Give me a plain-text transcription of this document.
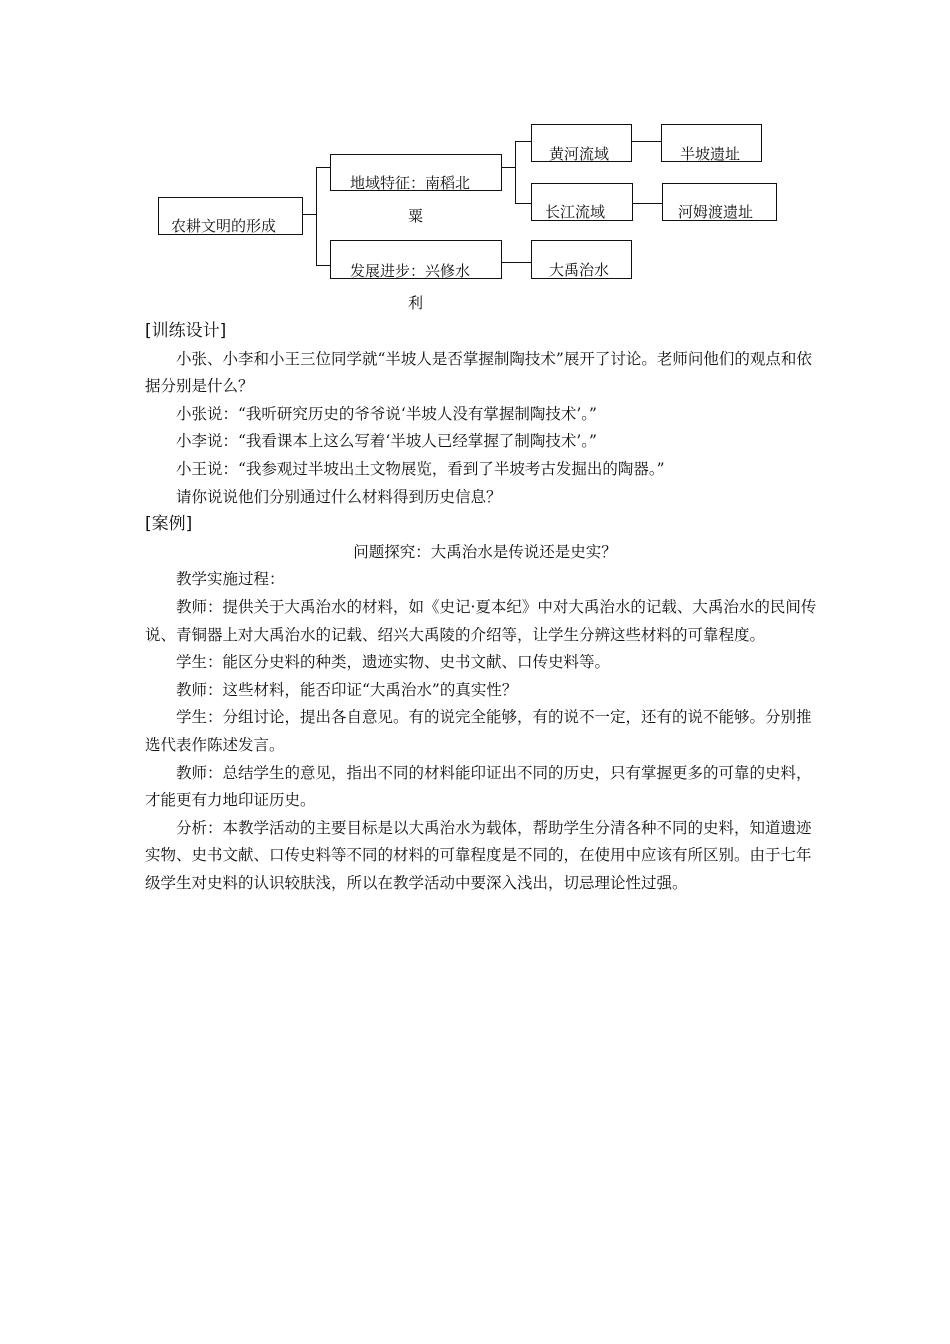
农耕文明的形成
地域特征：南稻北
粟
发展进步：兴修水
利
黄河流域
长江流域
半坡遗址
河姆渡遗址
大禹治水

[训练设计]

小张、小李和小王三位同学就“半坡人是否掌握制陶技术”展开了讨论。老师问他们的观点和依据分别是什么？

小张说：“我听研究历史的爷爷说‘半坡人没有掌握制陶技术’。”

小李说：“我看课本上这么写着‘半坡人已经掌握了制陶技术’。”

小王说：“我参观过半坡出土文物展览，看到了半坡考古发掘出的陶器。”

请你说说他们分别通过什么材料得到历史信息？

[案例]

问题探究：大禹治水是传说还是史实？

教学实施过程：

教师：提供关于大禹治水的材料，如《史记·夏本纪》中对大禹治水的记载、大禹治水的民间传说、青铜器上对大禹治水的记载、绍兴大禹陵的介绍等，让学生分辨这些材料的可靠程度。

学生：能区分史料的种类，遗迹实物、史书文献、口传史料等。

教师：这些材料，能否印证“大禹治水”的真实性？

学生：分组讨论，提出各自意见。有的说完全能够，有的说不一定，还有的说不能够。分别推选代表作陈述发言。

教师：总结学生的意见，指出不同的材料能印证出不同的历史，只有掌握更多的可靠的史料，才能更有力地印证历史。

分析：本教学活动的主要目标是以大禹治水为载体，帮助学生分清各种不同的史料，知道遗迹实物、史书文献、口传史料等不同的材料的可靠程度是不同的，在使用中应该有所区别。由于七年级学生对史料的认识较肤浅，所以在教学活动中要深入浅出，切忌理论性过强。
